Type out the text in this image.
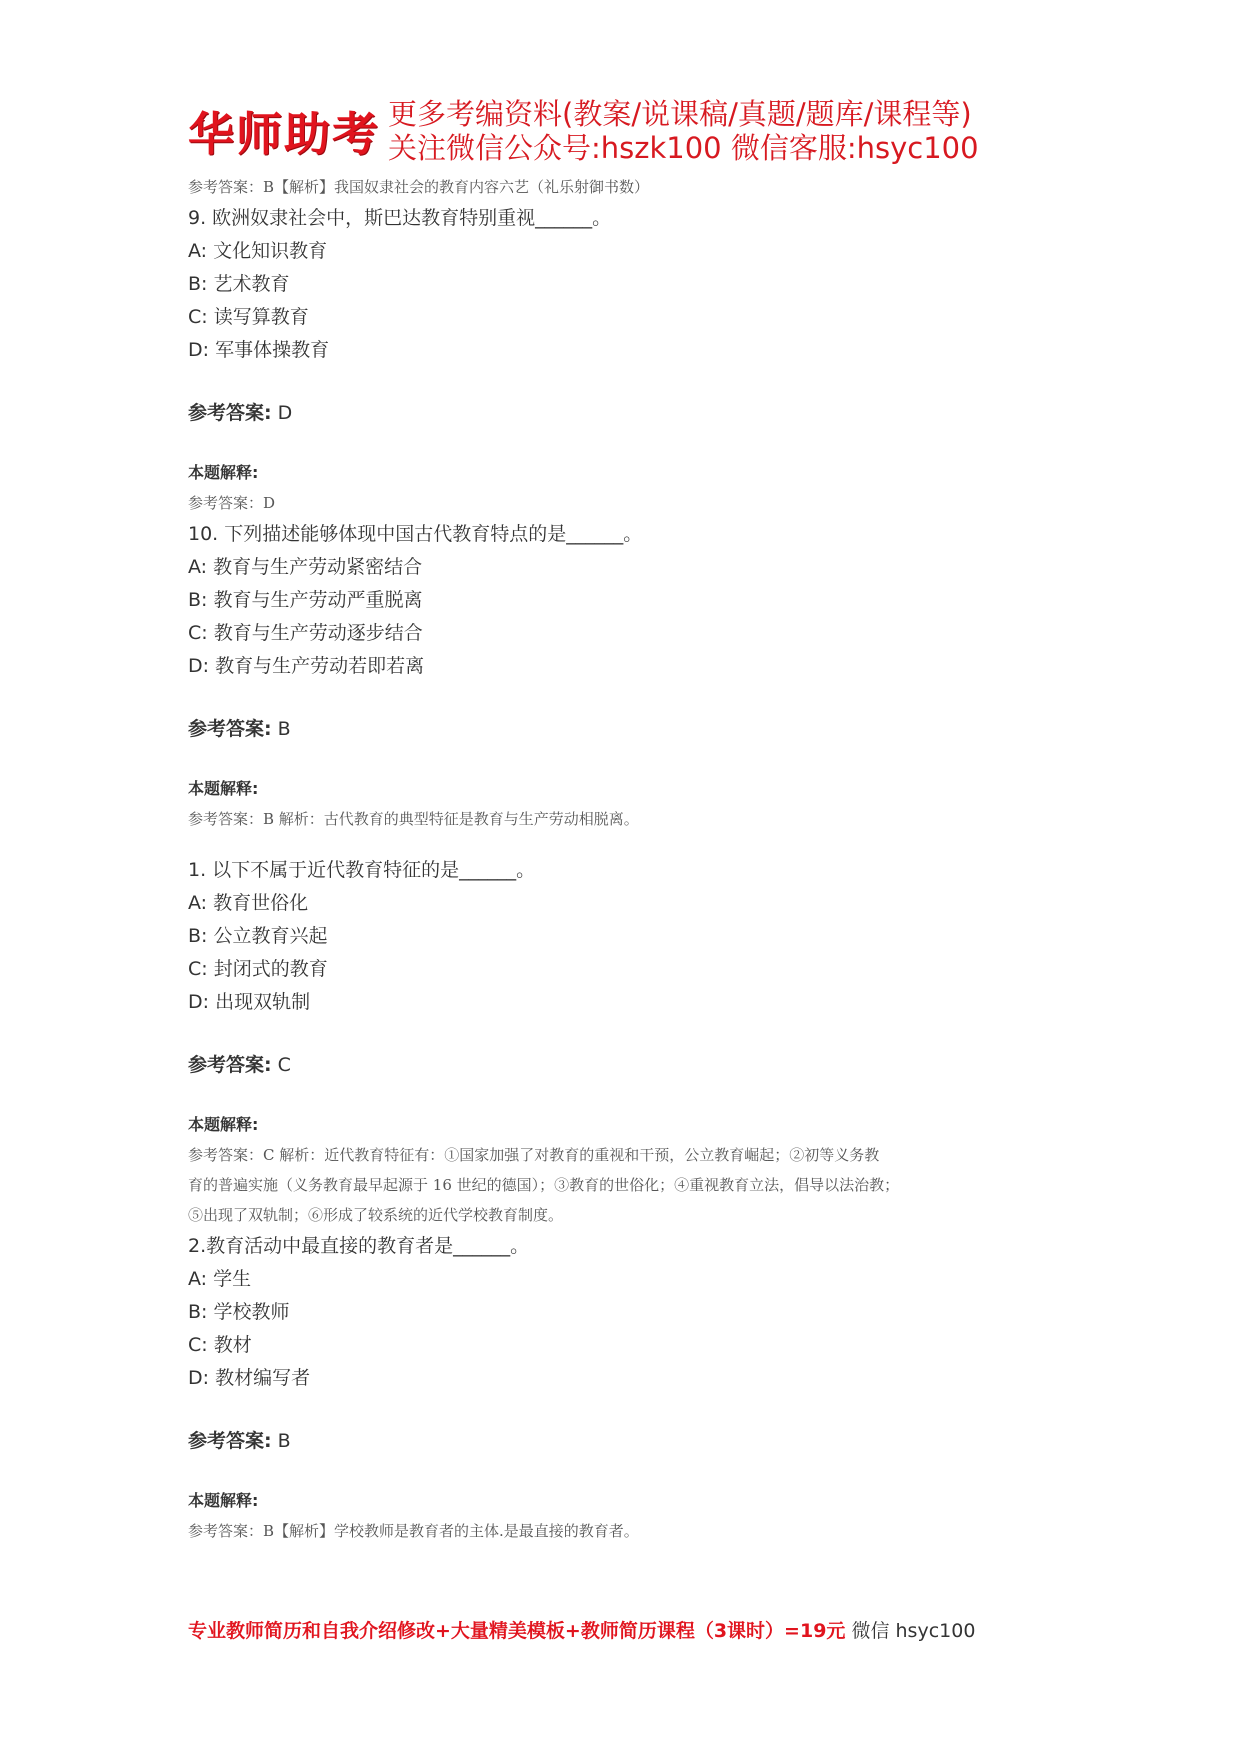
华师助考 更多考编资料(教案/说课稿/真题/题库/课程等)
关注微信公众号:hszk100 微信客服:hsyc100
参考答案：B【解析】我国奴隶社会的教育内容六艺（礼乐射御书数）
9. 欧洲奴隶社会中，斯巴达教育特别重视______。
A: 文化知识教育
B: 艺术教育
C: 读写算教育
D: 军事体操教育
参考答案: D
本题解释:
参考答案：D
10. 下列描述能够体现中国古代教育特点的是______。
A: 教育与生产劳动紧密结合
B: 教育与生产劳动严重脱离
C: 教育与生产劳动逐步结合
D: 教育与生产劳动若即若离
参考答案: B
本题解释:
参考答案：B 解析：古代教育的典型特征是教育与生产劳动相脱离。
1. 以下不属于近代教育特征的是______。
A: 教育世俗化
B: 公立教育兴起
C: 封闭式的教育
D: 出现双轨制
参考答案: C
本题解释:
参考答案：C 解析：近代教育特征有：①国家加强了对教育的重视和干预，公立教育崛起；②初等义务教
育的普遍实施（义务教育最早起源于 16 世纪的德国）；③教育的世俗化；④重视教育立法，倡导以法治教；
⑤出现了双轨制；⑥形成了较系统的近代学校教育制度。
2.教育活动中最直接的教育者是______。
A: 学生
B: 学校教师
C: 教材
D: 教材编写者
参考答案: B
本题解释:
参考答案：B【解析】学校教师是教育者的主体.是最直接的教育者。
专业教师简历和自我介绍修改+大量精美模板+教师简历课程（3课时）=19元 微信 hsyc100
